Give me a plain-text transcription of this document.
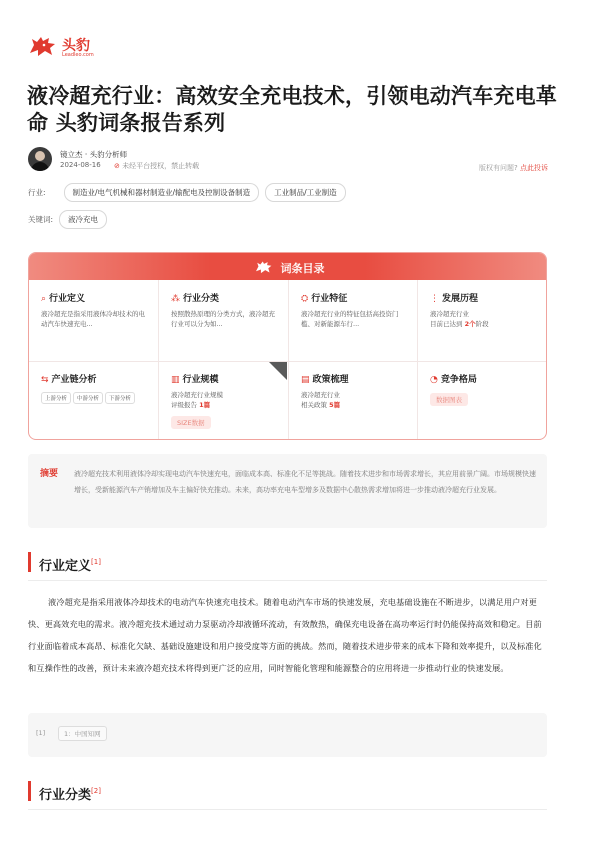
头豹
Leadleo.com
液冷超充行业：高效安全充电技术，引领电动汽车充电革命 头豹词条报告系列
镜立杰 · 头豹分析师
2024-08-16 ⊘ 未经平台授权，禁止转载	版权有问题? 点此投诉
行业:	制造业/电气机械和器材制造业/输配电及控制设备制造	工业制品/工业制造
关键词:	液冷充电
词条目录
⌕ 行业定义
液冷超充是指采用液体冷却技术的电动汽车快速充电...
⁂ 行业分类
按照散热原理的分类方式，液冷超充行业可以分为如...
⛭ 行业特征
液冷超充行业的特征包括高投资门槛、对新能源车行...
⋮ 发展历程
液冷超充行业
目前已达到 2个阶段
⇆ 产业链分析
上游分析 中游分析 下游分析
▥ 行业规模
液冷超充行业规模
评级报告 1篇
SIZE数据
▤ 政策梳理
液冷超充行业
相关政策 5篇
◔ 竞争格局
数据图表
摘要 液冷超充技术利用液体冷却实现电动汽车快速充电，面临成本高、标准化不足等挑战。随着技术进步和市场需求增长，其应用前景广阔。市场规模快速增长，受新能源汽车产销增加及车主偏好快充推动。未来，高功率充电车型增多及数据中心散热需求增加将进一步推动液冷超充行业发展。

行业定义[1]

液冷超充是指采用液体冷却技术的电动汽车快速充电技术。随着电动汽车市场的快速发展，充电基础设施在不断进步，以满足用户对更快、更高效充电的需求。液冷超充技术通过动力泵驱动冷却液循环流动，有效散热，确保充电设备在高功率运行时仍能保持高效和稳定。目前行业面临着成本高昂、标准化欠缺、基础设施建设和用户接受度等方面的挑战。然而，随着技术进步带来的成本下降和效率提升，以及标准化和互操作性的改善，预计未来液冷超充技术将得到更广泛的应用，同时智能化管理和能源整合的应用将进一步推动行业的快速发展。

[1]	1：中国知网
行业分类[2]
